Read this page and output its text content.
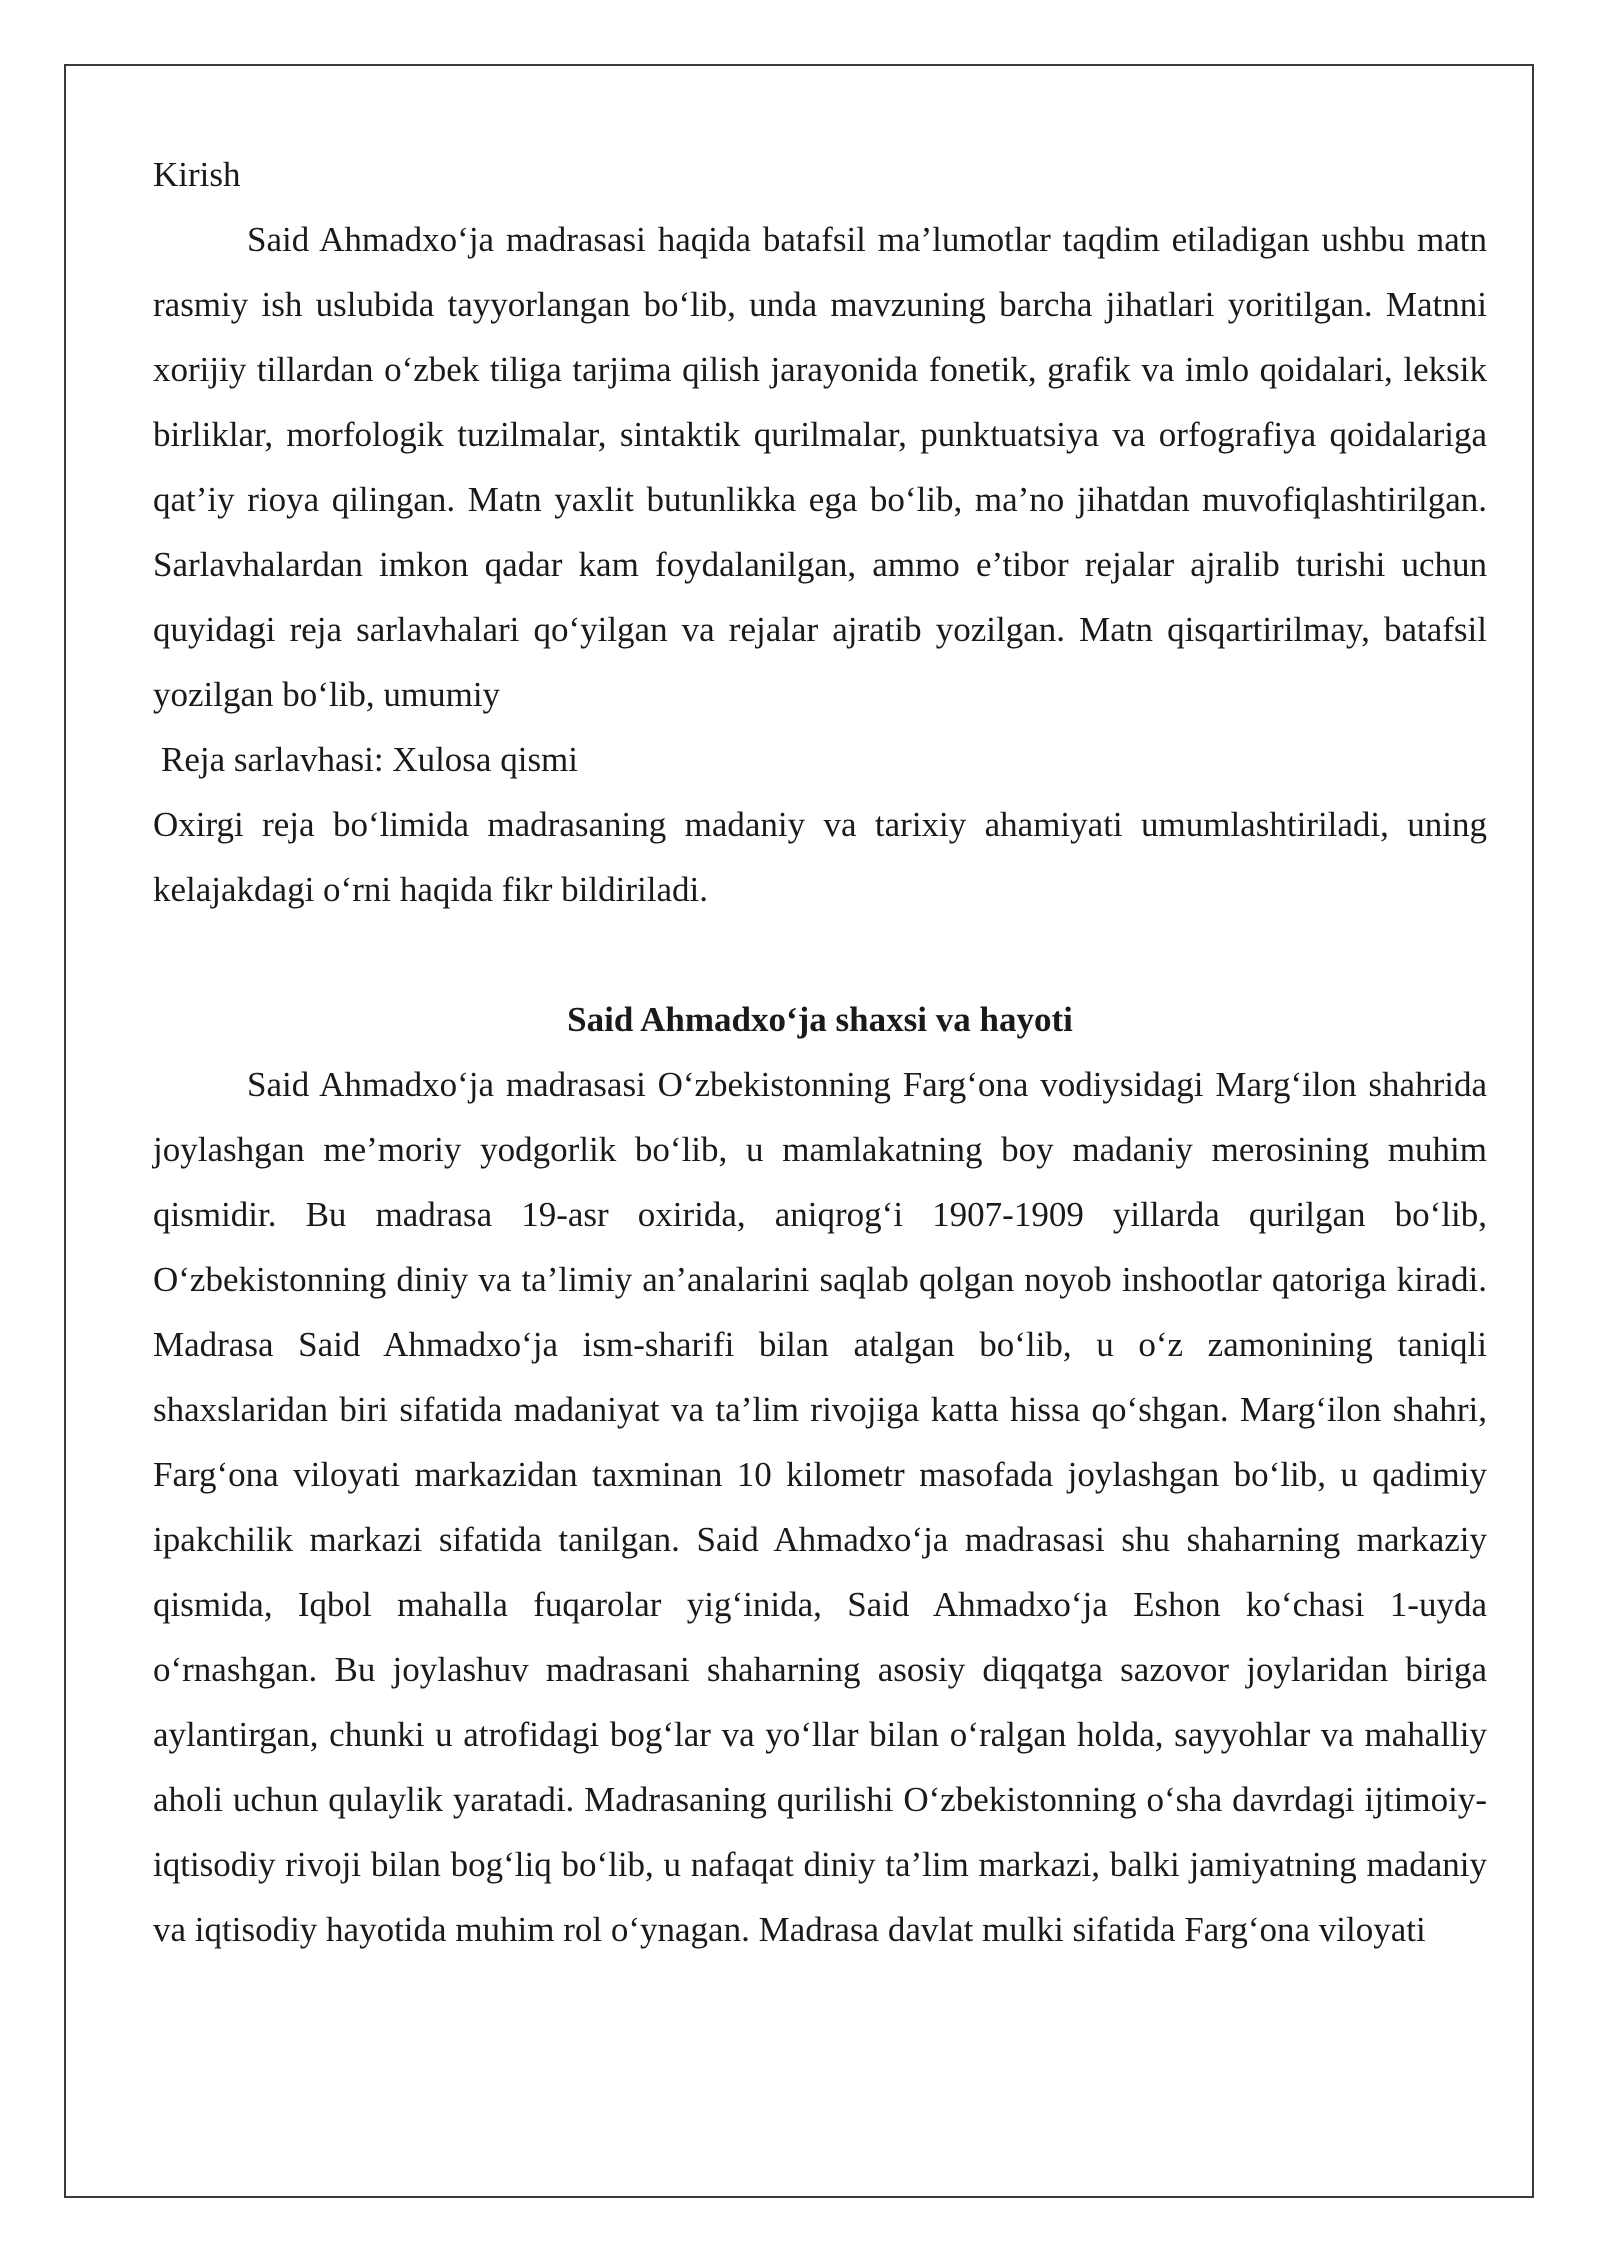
Kirish

Said Ahmadxo‘ja madrasasi haqida batafsil ma’lumotlar taqdim etiladigan ushbu matn rasmiy ish uslubida tayyorlangan bo‘lib, unda mavzuning barcha jihatlari yoritilgan. Matnni xorijiy tillardan o‘zbek tiliga tarjima qilish jarayonida fonetik, grafik va imlo qoidalari, leksik birliklar, morfologik tuzilmalar, sintaktik qurilmalar, punktuatsiya va orfografiya qoidalariga qat’iy rioya qilingan. Matn yaxlit butunlikka ega bo‘lib, ma’no jihatdan muvofiqlashtirilgan. Sarlavhalardan imkon qadar kam foydalanilgan, ammo e’tibor rejalar ajralib turishi uchun quyidagi reja sarlavhalari qo‘yilgan va rejalar ajratib yozilgan. Matn qisqartirilmay, batafsil yozilgan bo‘lib, umumiy

Reja sarlavhasi: Xulosa qismi

Oxirgi reja bo‘limida madrasaning madaniy va tarixiy ahamiyati umumlashtiriladi, uning kelajakdagi o‘rni haqida fikr bildiriladi.

Said Ahmadxo‘ja shaxsi va hayoti

Said Ahmadxo‘ja madrasasi O‘zbekistonning Farg‘ona vodiysidagi Marg‘ilon shahrida joylashgan me’moriy yodgorlik bo‘lib, u mamlakatning boy madaniy merosining muhim qismidir. Bu madrasa 19-asr oxirida, aniqrog‘i 1907-1909 yillarda qurilgan bo‘lib, O‘zbekistonning diniy va ta’limiy an’analarini saqlab qolgan noyob inshootlar qatoriga kiradi. Madrasa Said Ahmadxo‘ja ism-sharifi bilan atalgan bo‘lib, u o‘z zamonining taniqli shaxslaridan biri sifatida madaniyat va ta’lim rivojiga katta hissa qo‘shgan. Marg‘ilon shahri, Farg‘ona viloyati markazidan taxminan 10 kilometr masofada joylashgan bo‘lib, u qadimiy ipakchilik markazi sifatida tanilgan. Said Ahmadxo‘ja madrasasi shu shaharning markaziy qismida, Iqbol mahalla fuqarolar yig‘inida, Said Ahmadxo‘ja Eshon ko‘chasi 1-uyda o‘rnashgan. Bu joylashuv madrasani shaharning asosiy diqqatga sazovor joylaridan biriga aylantirgan, chunki u atrofidagi bog‘lar va yo‘llar bilan o‘ralgan holda, sayyohlar va mahalliy aholi uchun qulaylik yaratadi. Madrasaning qurilishi O‘zbekistonning o‘sha davrdagi ijtimoiy-iqtisodiy rivoji bilan bog‘liq bo‘lib, u nafaqat diniy ta’lim markazi, balki jamiyatning madaniy va iqtisodiy hayotida muhim rol o‘ynagan. Madrasa davlat mulki sifatida Farg‘ona viloyati
